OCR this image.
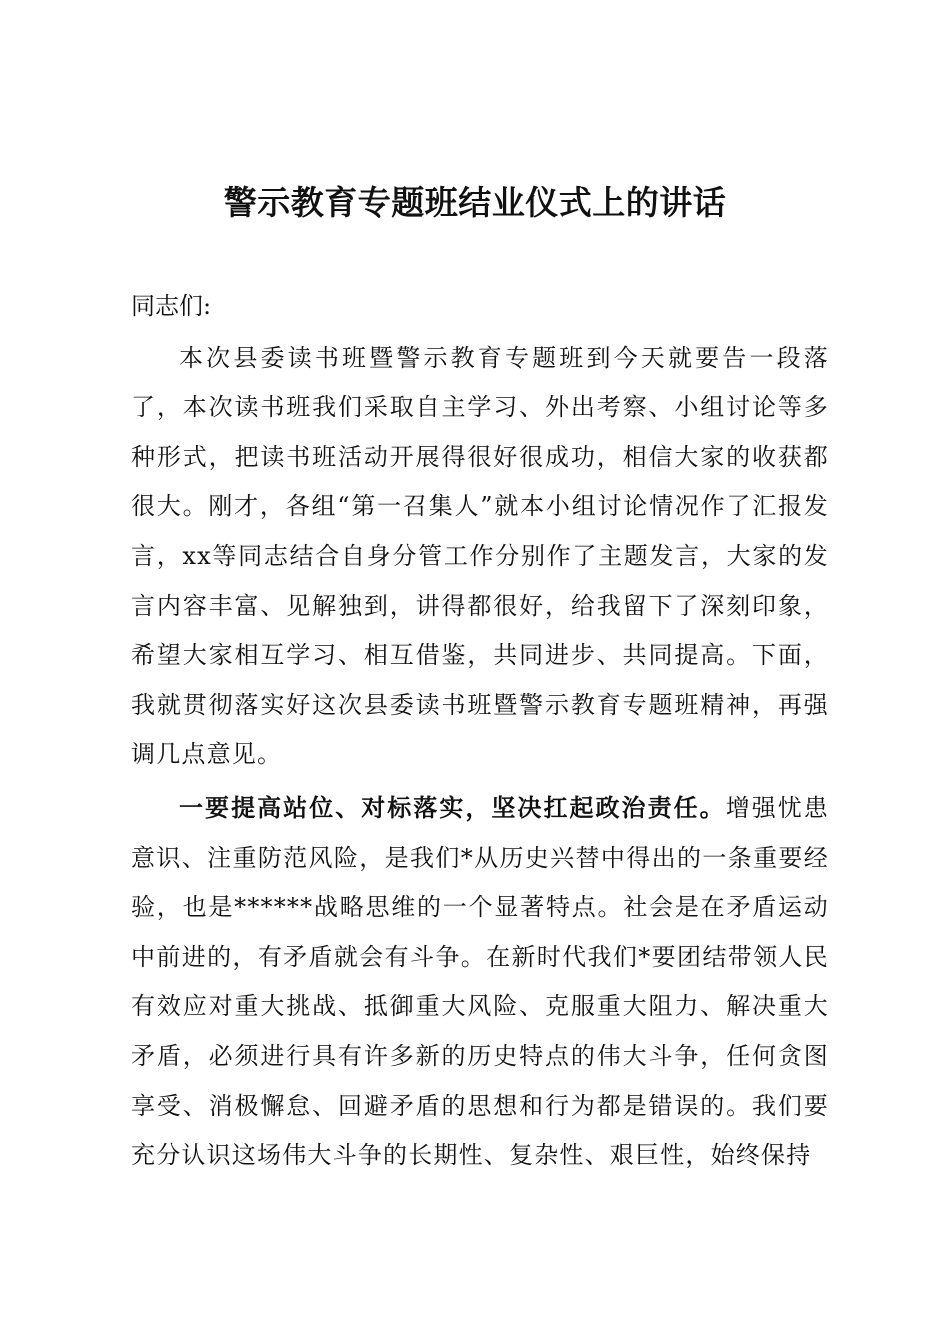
警示教育专题班结业仪式上的讲话

同志们:

本次县委读书班暨警示教育专题班到今天就要告一段落了，本次读书班我们采取自主学习、外出考察、小组讨论等多种形式，把读书班活动开展得很好很成功，相信大家的收获都很大。刚才，各组“第一召集人”就本小组讨论情况作了汇报发言，xx等同志结合自身分管工作分别作了主题发言，大家的发言内容丰富、见解独到，讲得都很好，给我留下了深刻印象，希望大家相互学习、相互借鉴，共同进步、共同提高。下面，我就贯彻落实好这次县委读书班暨警示教育专题班精神，再强调几点意见。

一要提高站位、对标落实，坚决扛起政治责任。增强忧患意识、注重防范风险，是我们*从历史兴替中得出的一条重要经验，也是******战略思维的一个显著特点。社会是在矛盾运动中前进的，有矛盾就会有斗争。在新时代我们*要团结带领人民有效应对重大挑战、抵御重大风险、克服重大阻力、解决重大矛盾，必须进行具有许多新的历史特点的伟大斗争，任何贪图享受、消极懈怠、回避矛盾的思想和行为都是错误的。我们要充分认识这场伟大斗争的长期性、复杂性、艰巨性，始终保持
